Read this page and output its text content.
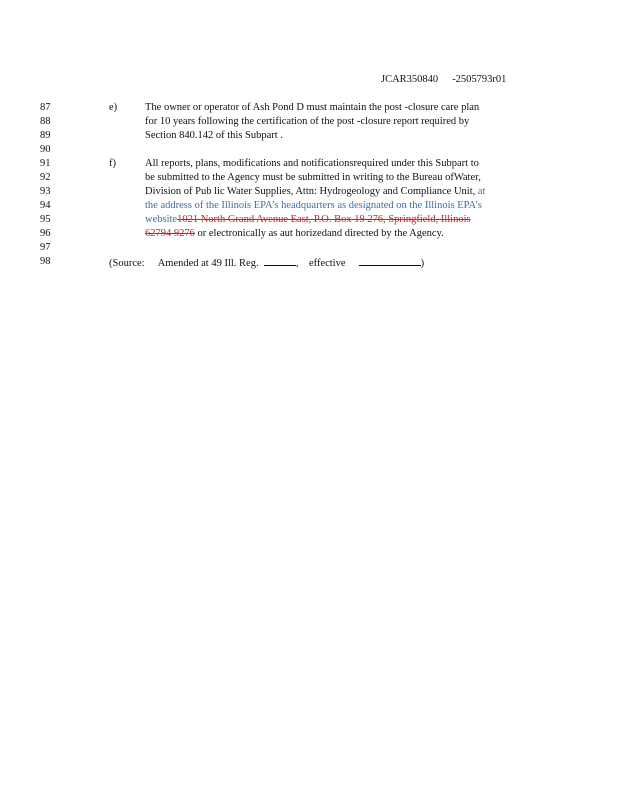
JCAR350840 -2505793r01
87	e)	The owner or operator of Ash Pond D must maintain the post -closure care plan
88	for 10 years following the certification of the post -closure report required by
89	Section 840.142 of this Subpart .
90
91	f)	All reports, plans, modifications and notificationsrequired under this Subpart to
92	be submitted to the Agency must be submitted in writing to the Bureau ofWater,
93	Division of Pub lic Water Supplies, Attn: Hydrogeology and Compliance Unit, at
94	the address of the Illinois EPA’s headquarters as designated on the Illinois EPA’s
95	website1021 North Grand Avenue East, P.O. Box 19 276, Springfield, Illinois
96	62794 9276 or electronically as aut horizedand directed by the Agency.
97
98	(Source: Amended at 49 Ill. Reg.	,    effective	)
